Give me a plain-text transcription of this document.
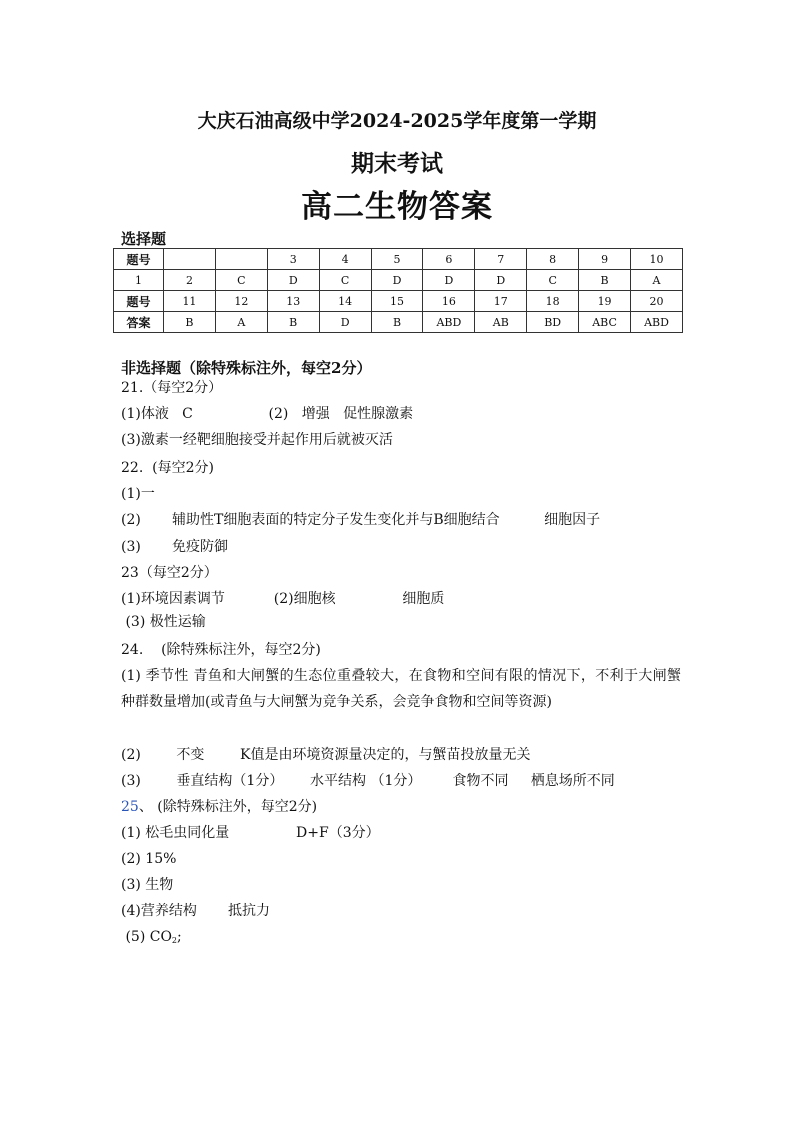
大庆石油高级中学2024-2025学年度第一学期
期末考试
高二生物答案
选择题
题号			3	4	5	6	7	8	9	10
1	2	C	D	C	D	D	D	C	B	A
题号	11	12	13	14	15	16	17	18	19	20
答案	B	A	B	D	B	ABD	AB	BD	ABC	ABD
非选择题（除特殊标注外，每空2分）
21.（每空2分）
(1)体液   C                 (2)   增强   促性腺激素
(3)激素一经靶细胞接受并起作用后就被灭活
22.  (每空2分)
(1)一
(2)       辅助性T细胞表面的特定分子发生变化并与B细胞结合          细胞因子
(3)       免疫防御
23（每空2分）
(1)环境因素调节           (2)细胞核               细胞质
(3) 极性运输
24.    (除特殊标注外，每空2分)
(1) 季节性 青鱼和大闸蟹的生态位重叠较大，在食物和空间有限的情况下，不利于大闸蟹种群数量增加(或青鱼与大闸蟹为竞争关系，会竞争食物和空间等资源)
(2)        不变        K值是由环境资源量决定的，与蟹苗投放量无关
(3)        垂直结构（1分）      水平结构 （1分）       食物不同     栖息场所不同
25、 (除特殊标注外，每空2分)
(1) 松毛虫同化量               D+F（3分）
(2) 15%
(3) 生物
(4)营养结构       抵抗力
(5) $CO_2$;
